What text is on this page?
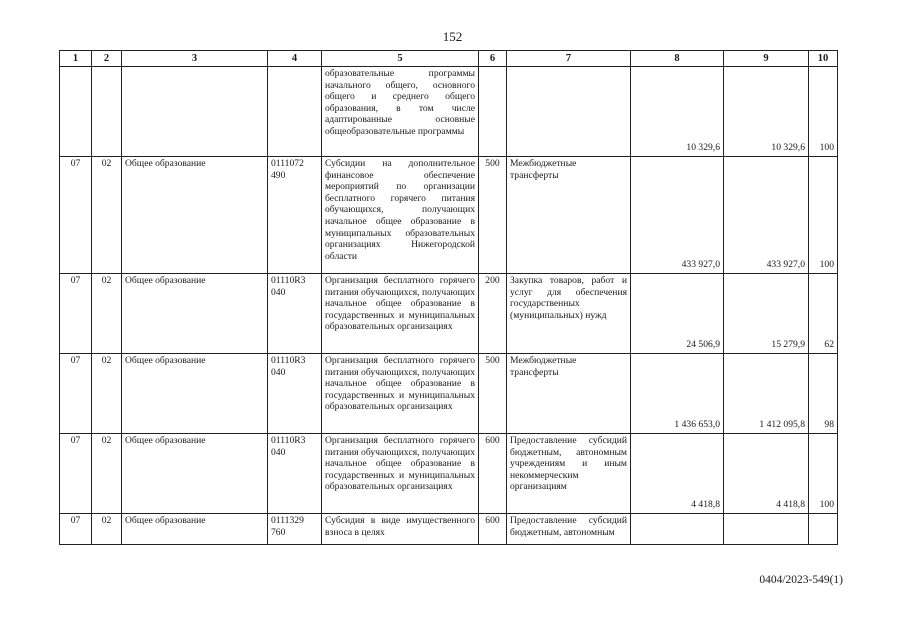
152
1	2	3	4	5	6	7	8	9	10
				образовательные программы начального общего, основного общего и среднего общего образования, в том числе адаптированные основные общеобразовательные программы			10 329,6	10 329,6	100
07	02	Общее образование	0111072 490	Субсидии на дополнительное финансовое обеспечение мероприятий по организации бесплатного горячего питания обучающихся, получающих начальное общее образование в муниципальных образовательных организациях Нижегородской области	500	Межбюджетные трансферты	433 927,0	433 927,0	100
07	02	Общее образование	01110R3 040	Организация бесплатного горячего питания обучающихся, получающих начальное общее образование в государственных и муниципальных образовательных организациях	200	Закупка товаров, работ и услуг для обеспечения государственных (муниципальных) нужд	24 506,9	15 279,9	62
07	02	Общее образование	01110R3 040	Организация бесплатного горячего питания обучающихся, получающих начальное общее образование в государственных и муниципальных образовательных организациях	500	Межбюджетные трансферты	1 436 653,0	1 412 095,8	98
07	02	Общее образование	01110R3 040	Организация бесплатного горячего питания обучающихся, получающих начальное общее образование в государственных и муниципальных образовательных организациях	600	Предоставление субсидий бюджетным, автономным учреждениям и иным некоммерческим организациям	4 418,8	4 418,8	100
07	02	Общее образование	0111329 760	Субсидия в виде имущественного взноса в целях	600	Предоставление субсидий бюджетным, автономным			
0404/2023-549(1)
